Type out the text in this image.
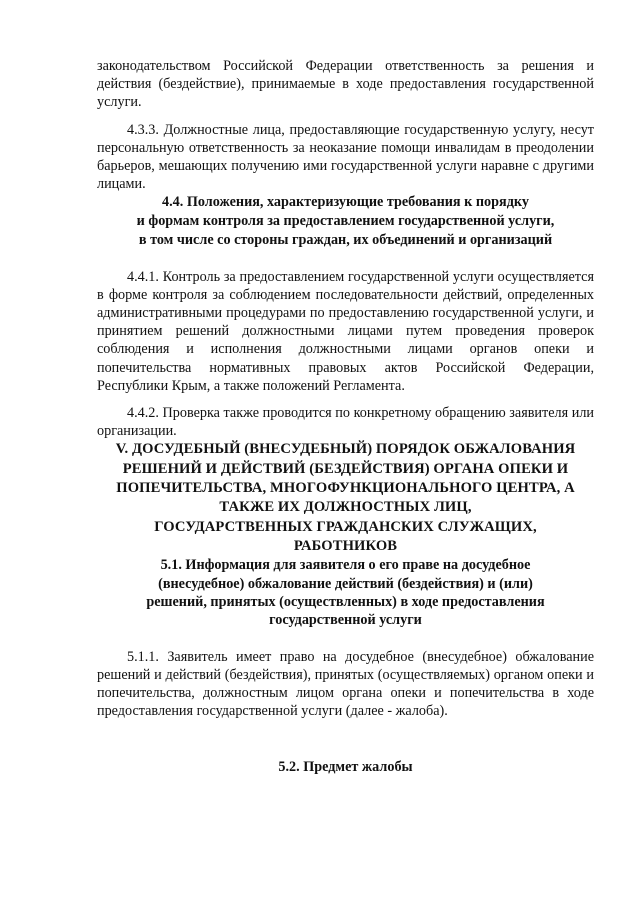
законодательством Российской Федерации ответственность за решения и действия (бездействие), принимаемые в ходе предоставления государственной услуги.

4.3.3. Должностные лица, предоставляющие государственную услугу, несут персональную ответственность за неоказание помощи инвалидам в преодолении барьеров, мешающих получению ими государственной услуги наравне с другими лицами.

4.4. Положения, характеризующие требования к порядку
и формам контроля за предоставлением государственной услуги,
в том числе со стороны граждан, их объединений и организаций

4.4.1. Контроль за предоставлением государственной услуги осуществляется в форме контроля за соблюдением последовательности действий, определенных административными процедурами по предоставлению государственной услуги, и принятием решений должностными лицами путем проведения проверок соблюдения и исполнения должностными лицами органов опеки и попечительства нормативных правовых актов Российской Федерации, Республики Крым, а также положений Регламента.

4.4.2. Проверка также проводится по конкретному обращению заявителя или организации.

V. ДОСУДЕБНЫЙ (ВНЕСУДЕБНЫЙ) ПОРЯДОК ОБЖАЛОВАНИЯ
РЕШЕНИЙ И ДЕЙСТВИЙ (БЕЗДЕЙСТВИЯ) ОРГАНА ОПЕКИ И
ПОПЕЧИТЕЛЬСТВА, МНОГОФУНКЦИОНАЛЬНОГО ЦЕНТРА, А
ТАКЖЕ ИХ ДОЛЖНОСТНЫХ ЛИЦ,
ГОСУДАРСТВЕННЫХ ГРАЖДАНСКИХ СЛУЖАЩИХ,
РАБОТНИКОВ
5.1. Информация для заявителя о его праве на досудебное
(внесудебное) обжалование действий (бездействия) и (или)
решений, принятых (осуществленных) в ходе предоставления
государственной услуги

5.1.1. Заявитель имеет право на досудебное (внесудебное) обжалование решений и действий (бездействия), принятых (осуществляемых) органом опеки и попечительства, должностным лицом органа опеки и попечительства в ходе предоставления государственной услуги (далее - жалоба).

5.2. Предмет жалобы
